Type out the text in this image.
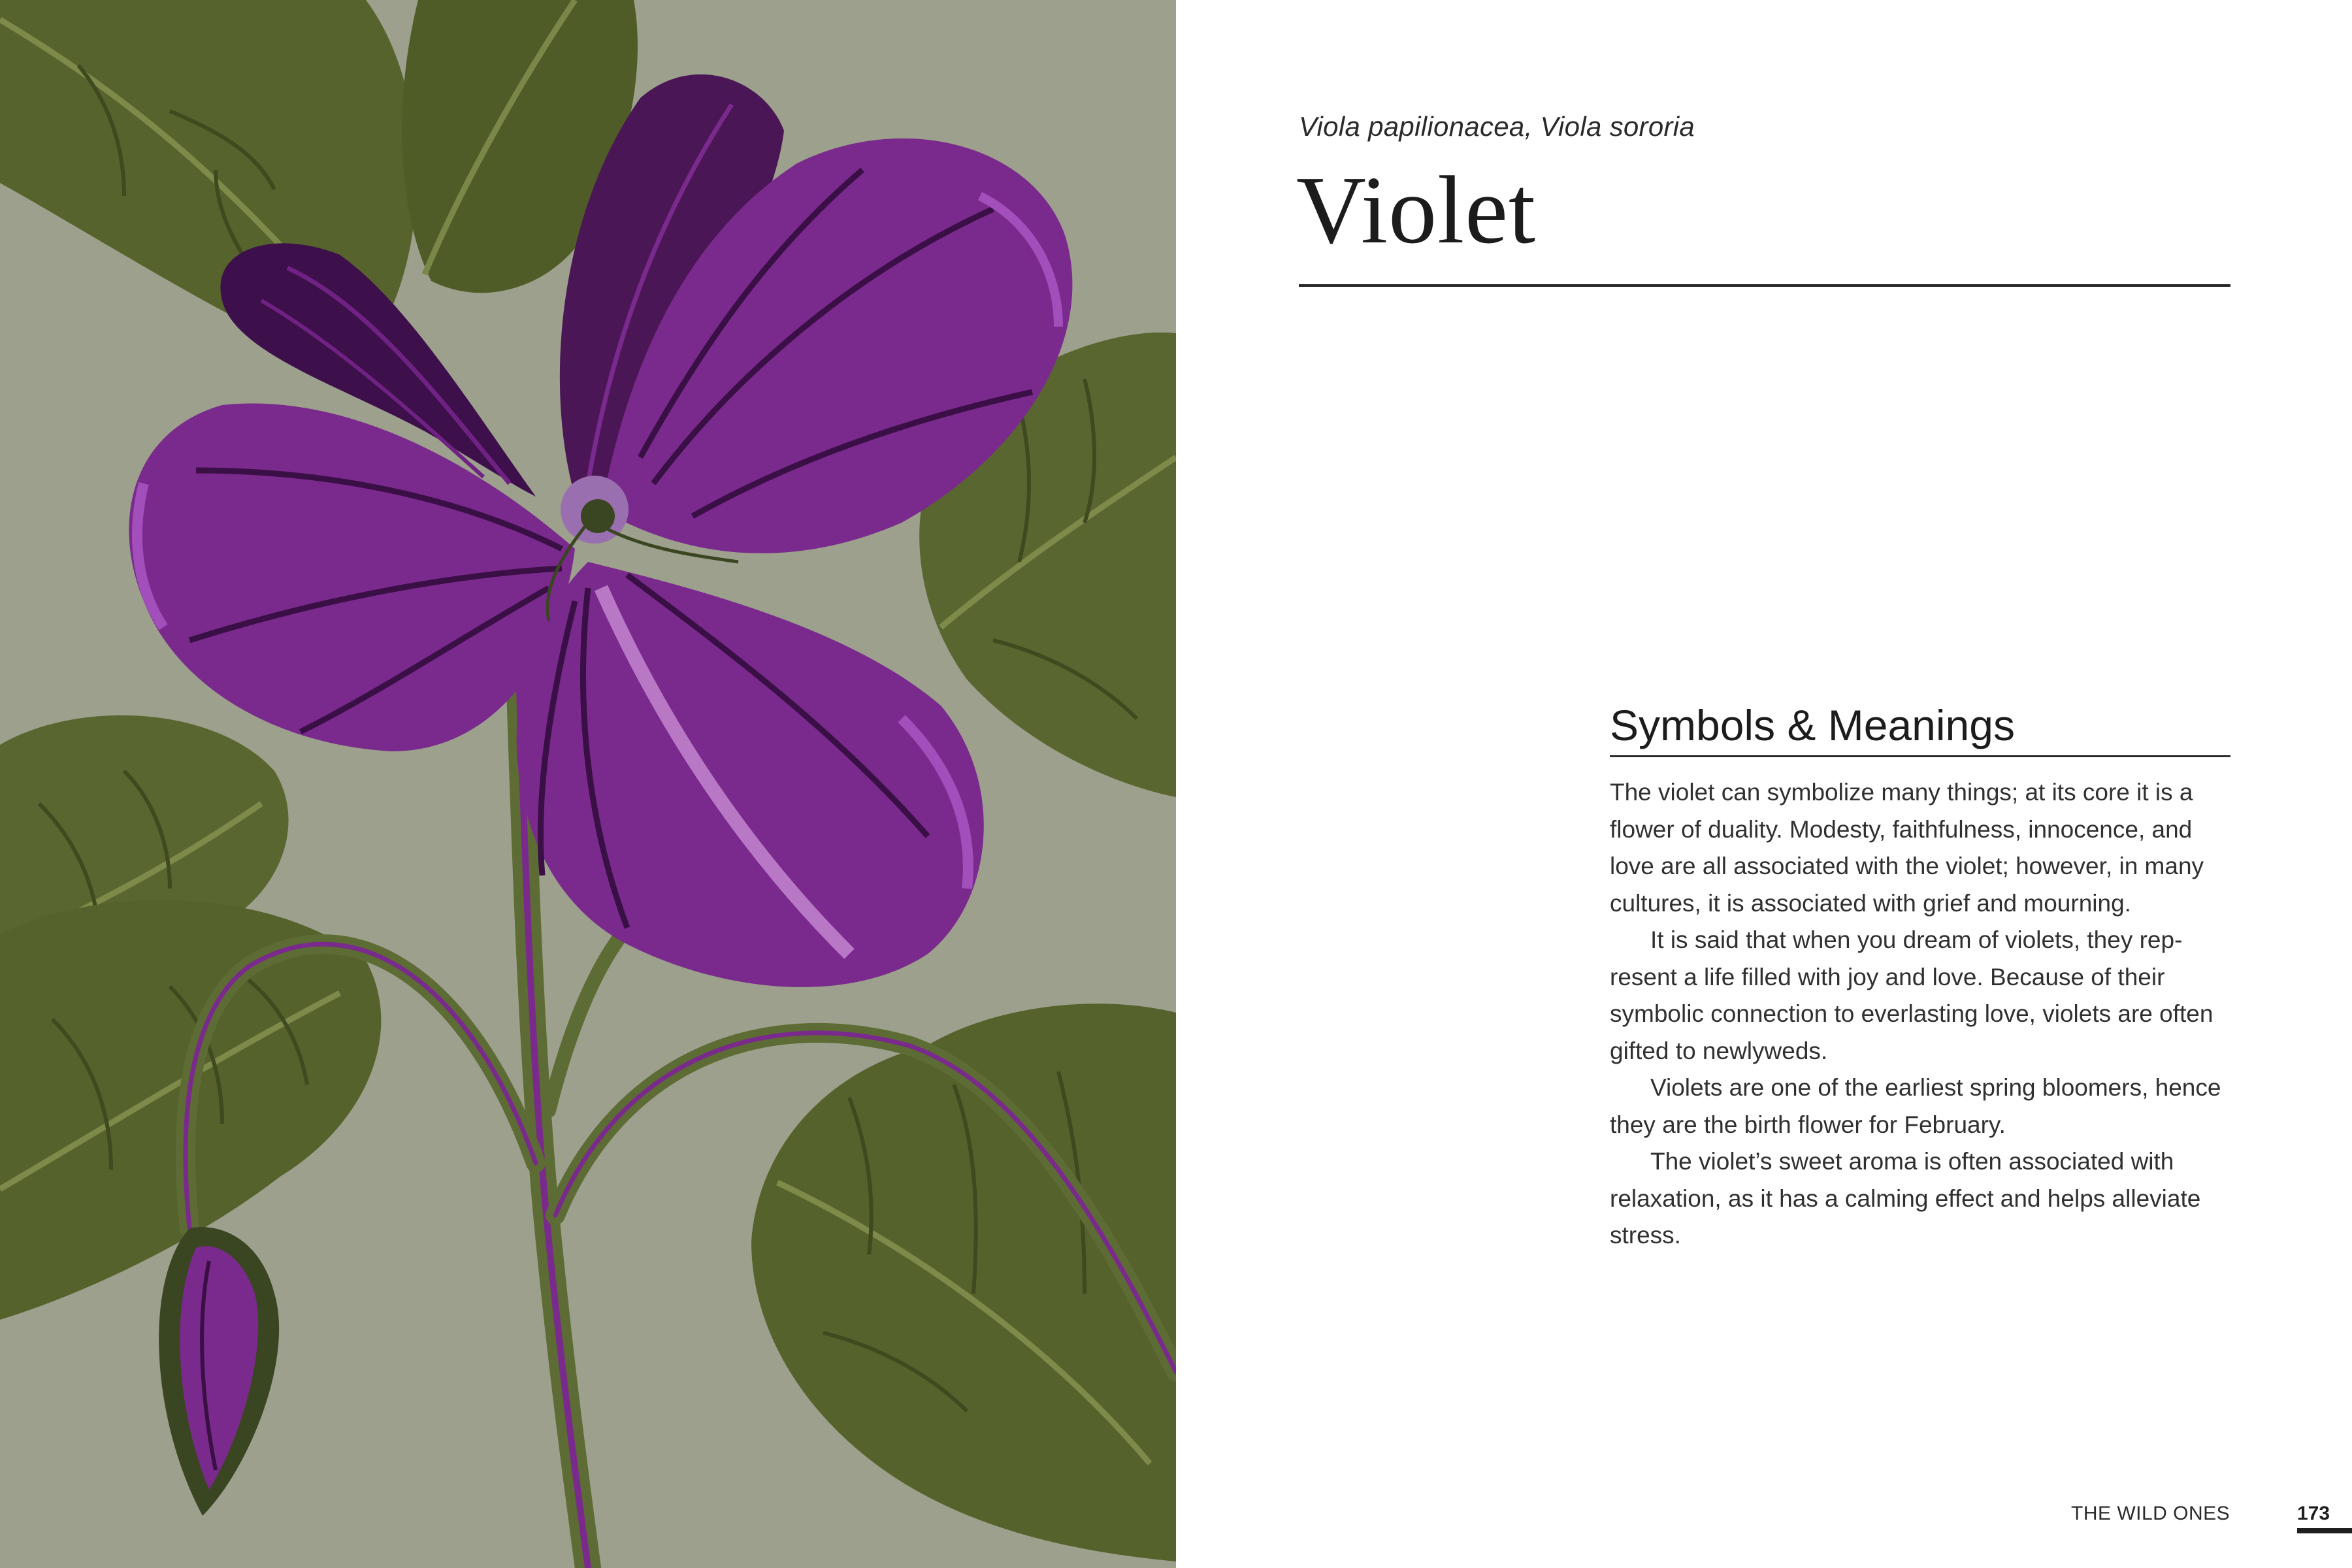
Viola papilionacea, Viola sororia
Violet
Symbols & Meanings

The violet can symbolize many things; at its core it is a flower of duality. Modesty, faithfulness, innocence, and love are all associated with the violet; however, in many cultures, it is associated with grief and mourning.

It is said that when you dream of violets, they represent a life filled with joy and love. Because of their symbolic connection to everlasting love, violets are often gifted to newlyweds.

Violets are one of the earliest spring bloomers, hence they are the birth flower for February.

The violet’s sweet aroma is often associated with relaxation, as it has a calming effect and helps alleviate stress.

THE WILD ONES	173
